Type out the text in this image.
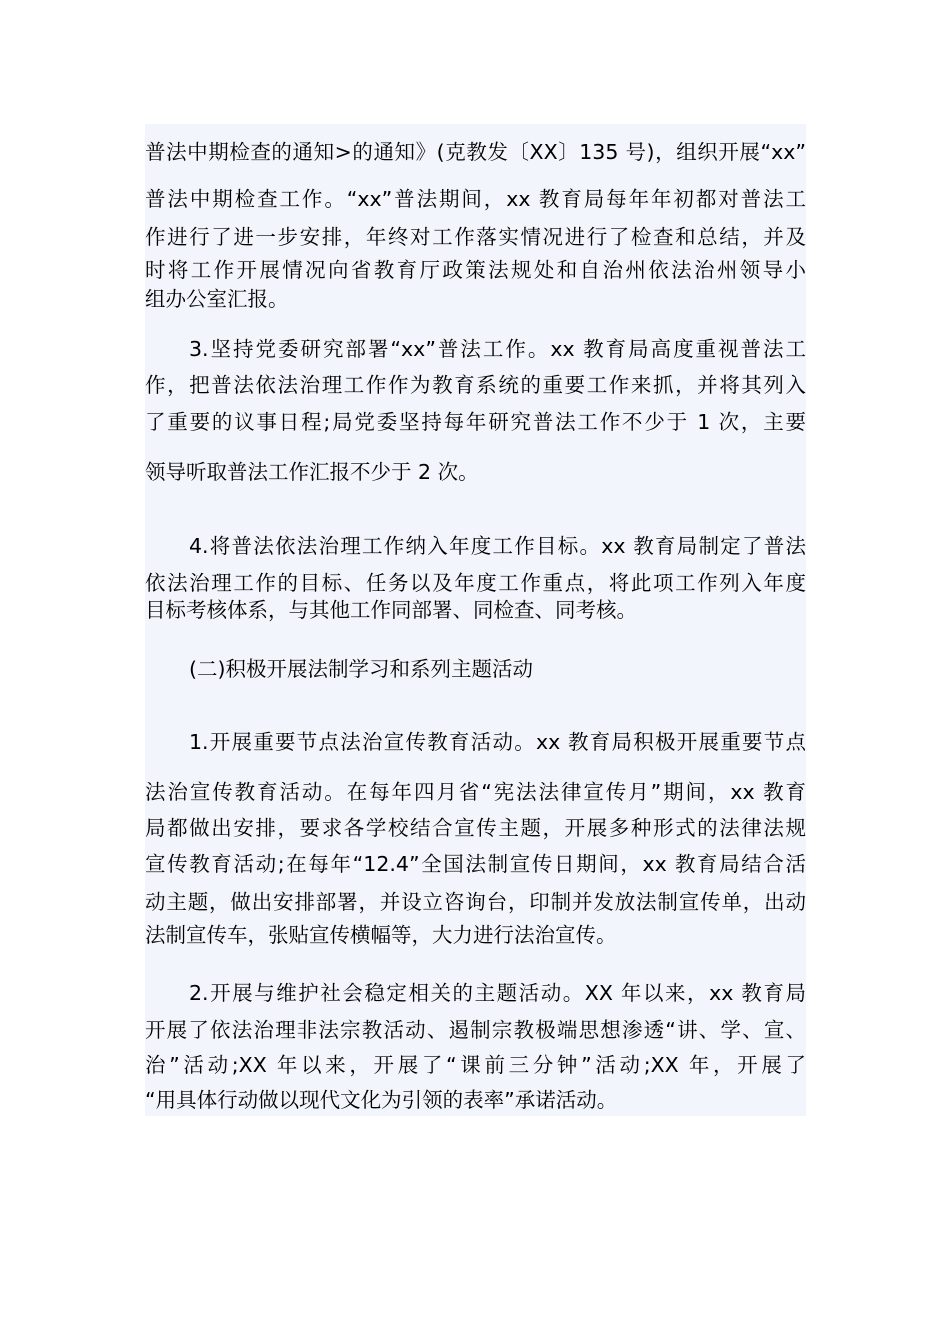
普法中期检查的通知>的通知》(克教发〔XX〕135 号)，组织开展“xx”
普法中期检查工作。“xx”普法期间，xx 教育局每年年初都对普法工
作进行了进一步安排，年终对工作落实情况进行了检查和总结，并及
时将工作开展情况向省教育厅政策法规处和自治州依法治州领导小
组办公室汇报。
3.坚持党委研究部署“xx”普法工作。xx 教育局高度重视普法工
作，把普法依法治理工作作为教育系统的重要工作来抓，并将其列入
了重要的议事日程;局党委坚持每年研究普法工作不少于 1 次，主要
领导听取普法工作汇报不少于 2 次。
4.将普法依法治理工作纳入年度工作目标。xx 教育局制定了普法
依法治理工作的目标、任务以及年度工作重点，将此项工作列入年度
目标考核体系，与其他工作同部署、同检查、同考核。
(二)积极开展法制学习和系列主题活动
1.开展重要节点法治宣传教育活动。xx 教育局积极开展重要节点
法治宣传教育活动。在每年四月省“宪法法律宣传月”期间，xx 教育
局都做出安排，要求各学校结合宣传主题，开展多种形式的法律法规
宣传教育活动;在每年“12.4”全国法制宣传日期间，xx 教育局结合活
动主题，做出安排部署，并设立咨询台，印制并发放法制宣传单，出动
法制宣传车，张贴宣传横幅等，大力进行法治宣传。
2.开展与维护社会稳定相关的主题活动。XX 年以来，xx 教育局
开展了依法治理非法宗教活动、遏制宗教极端思想渗透“讲、学、宣、
治”活动;XX 年以来，开展了“课前三分钟”活动;XX 年，开展了
“用具体行动做以现代文化为引领的表率”承诺活动。
